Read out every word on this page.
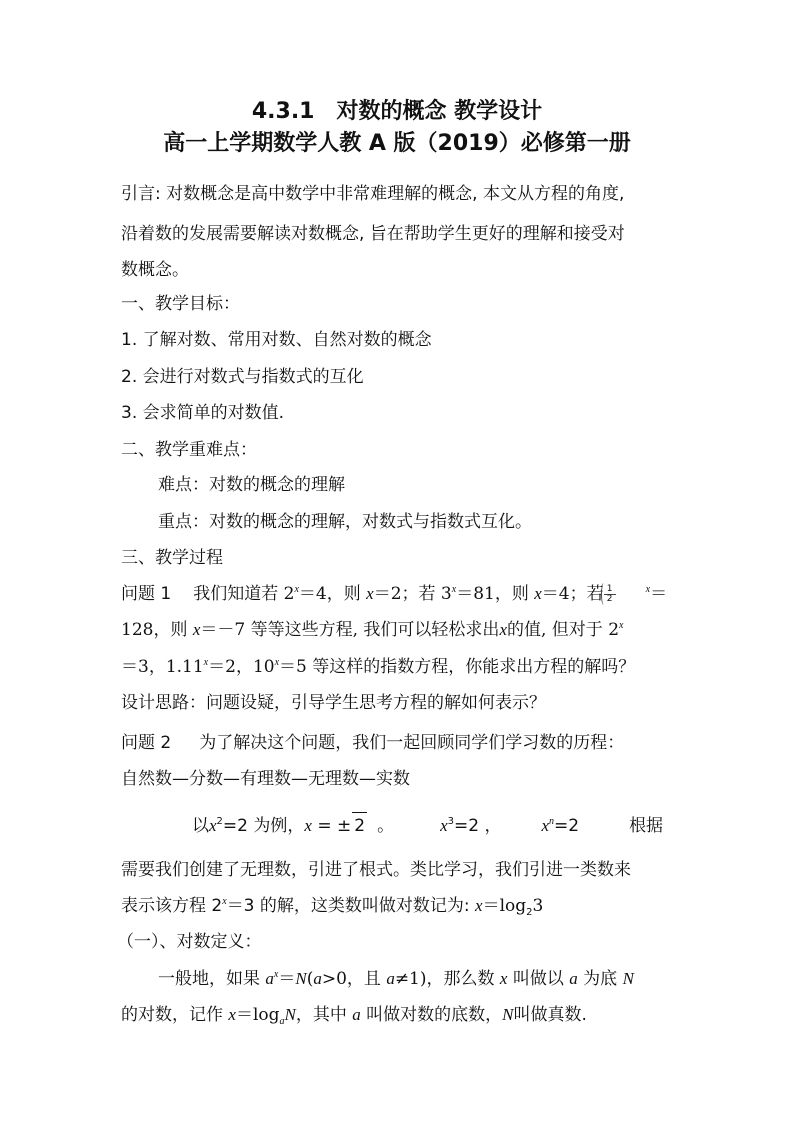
4.3.1　对数的概念 教学设计
高一上学期数学人教 A 版（2019）必修第一册
引言: 对数概念是高中数学中非常难理解的概念, 本文从方程的角度,
沿着数的发展需要解读对数概念, 旨在帮助学生更好的理解和接受对
数概念。
一、教学目标：
1. 了解对数、常用对数、自然对数的概念
2. 会进行对数式与指数式的互化
3. 会求简单的对数值.
二、教学重难点：
难点：对数的概念的理解
重点：对数的概念的理解，对数式与指数式互化。
三、教学过程
问题 1 我们知道若 $2^x=4$，则 x＝2；若 $3^x=81$，则 x＝4；若 $\frac{1}{2}$	$^x$＝
128，则 x＝－7 等等这些方程, 我们可以轻松求出x的值, 但对于 $2^x$
＝3，$1.11^x=2$，$10^x=5$ 等这样的指数方程，你能求出方程的解吗？
设计思路：问题设疑，引导学生思考方程的解如何表示？
问题 2 为了解决这个问题，我们一起回顾同学们学习数的历程：
自然数—分数—有理数—无理数—实数
以$x^2=2$ 为例，x = ± 2 。	$x^3=2$ ， $x^n=2$	根据
需要我们创建了无理数，引进了根式。类比学习，我们引进一类数来
表示该方程 $2^x=3$ 的解，这类数叫做对数记为: $x=\log_23$
（一）、对数定义：
一般地，如果 $a^x=N(a>0$，且 a≠1)，那么数 x 叫做以 a 为底 N
的对数，记作 $x=\log_aN$，其中 a 叫做对数的底数，N叫做真数.
